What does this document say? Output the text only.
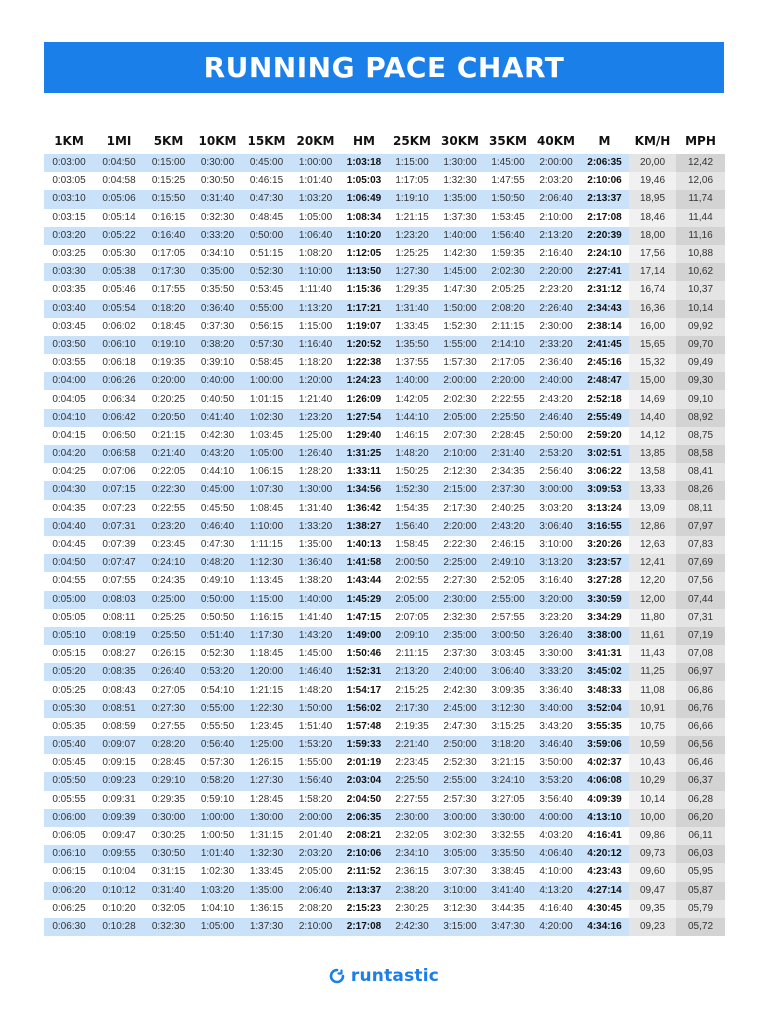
RUNNING PACE CHART
1KM	1MI	5KM	10KM	15KM	20KM	HM	25KM	30KM	35KM	40KM	M	KM/H	MPH
0:03:00	0:04:50	0:15:00	0:30:00	0:45:00	1:00:00	1:03:18	1:15:00	1:30:00	1:45:00	2:00:00	2:06:35	20,00	12,42
0:03:05	0:04:58	0:15:25	0:30:50	0:46:15	1:01:40	1:05:03	1:17:05	1:32:30	1:47:55	2:03:20	2:10:06	19,46	12,06
0:03:10	0:05:06	0:15:50	0:31:40	0:47:30	1:03:20	1:06:49	1:19:10	1:35:00	1:50:50	2:06:40	2:13:37	18,95	11,74
0:03:15	0:05:14	0:16:15	0:32:30	0:48:45	1:05:00	1:08:34	1:21:15	1:37:30	1:53:45	2:10:00	2:17:08	18,46	11,44
0:03:20	0:05:22	0:16:40	0:33:20	0:50:00	1:06:40	1:10:20	1:23:20	1:40:00	1:56:40	2:13:20	2:20:39	18,00	11,16
0:03:25	0:05:30	0:17:05	0:34:10	0:51:15	1:08:20	1:12:05	1:25:25	1:42:30	1:59:35	2:16:40	2:24:10	17,56	10,88
0:03:30	0:05:38	0:17:30	0:35:00	0:52:30	1:10:00	1:13:50	1:27:30	1:45:00	2:02:30	2:20:00	2:27:41	17,14	10,62
0:03:35	0:05:46	0:17:55	0:35:50	0:53:45	1:11:40	1:15:36	1:29:35	1:47:30	2:05:25	2:23:20	2:31:12	16,74	10,37
0:03:40	0:05:54	0:18:20	0:36:40	0:55:00	1:13:20	1:17:21	1:31:40	1:50:00	2:08:20	2:26:40	2:34:43	16,36	10,14
0:03:45	0:06:02	0:18:45	0:37:30	0:56:15	1:15:00	1:19:07	1:33:45	1:52:30	2:11:15	2:30:00	2:38:14	16,00	09,92
0:03:50	0:06:10	0:19:10	0:38:20	0:57:30	1:16:40	1:20:52	1:35:50	1:55:00	2:14:10	2:33:20	2:41:45	15,65	09,70
0:03:55	0:06:18	0:19:35	0:39:10	0:58:45	1:18:20	1:22:38	1:37:55	1:57:30	2:17:05	2:36:40	2:45:16	15,32	09,49
0:04:00	0:06:26	0:20:00	0:40:00	1:00:00	1:20:00	1:24:23	1:40:00	2:00:00	2:20:00	2:40:00	2:48:47	15,00	09,30
0:04:05	0:06:34	0:20:25	0:40:50	1:01:15	1:21:40	1:26:09	1:42:05	2:02:30	2:22:55	2:43:20	2:52:18	14,69	09,10
0:04:10	0:06:42	0:20:50	0:41:40	1:02:30	1:23:20	1:27:54	1:44:10	2:05:00	2:25:50	2:46:40	2:55:49	14,40	08,92
0:04:15	0:06:50	0:21:15	0:42:30	1:03:45	1:25:00	1:29:40	1:46:15	2:07:30	2:28:45	2:50:00	2:59:20	14,12	08,75
0:04:20	0:06:58	0:21:40	0:43:20	1:05:00	1:26:40	1:31:25	1:48:20	2:10:00	2:31:40	2:53:20	3:02:51	13,85	08,58
0:04:25	0:07:06	0:22:05	0:44:10	1:06:15	1:28:20	1:33:11	1:50:25	2:12:30	2:34:35	2:56:40	3:06:22	13,58	08,41
0:04:30	0:07:15	0:22:30	0:45:00	1:07:30	1:30:00	1:34:56	1:52:30	2:15:00	2:37:30	3:00:00	3:09:53	13,33	08,26
0:04:35	0:07:23	0:22:55	0:45:50	1:08:45	1:31:40	1:36:42	1:54:35	2:17:30	2:40:25	3:03:20	3:13:24	13,09	08,11
0:04:40	0:07:31	0:23:20	0:46:40	1:10:00	1:33:20	1:38:27	1:56:40	2:20:00	2:43:20	3:06:40	3:16:55	12,86	07,97
0:04:45	0:07:39	0:23:45	0:47:30	1:11:15	1:35:00	1:40:13	1:58:45	2:22:30	2:46:15	3:10:00	3:20:26	12,63	07,83
0:04:50	0:07:47	0:24:10	0:48:20	1:12:30	1:36:40	1:41:58	2:00:50	2:25:00	2:49:10	3:13:20	3:23:57	12,41	07,69
0:04:55	0:07:55	0:24:35	0:49:10	1:13:45	1:38:20	1:43:44	2:02:55	2:27:30	2:52:05	3:16:40	3:27:28	12,20	07,56
0:05:00	0:08:03	0:25:00	0:50:00	1:15:00	1:40:00	1:45:29	2:05:00	2:30:00	2:55:00	3:20:00	3:30:59	12,00	07,44
0:05:05	0:08:11	0:25:25	0:50:50	1:16:15	1:41:40	1:47:15	2:07:05	2:32:30	2:57:55	3:23:20	3:34:29	11,80	07,31
0:05:10	0:08:19	0:25:50	0:51:40	1:17:30	1:43:20	1:49:00	2:09:10	2:35:00	3:00:50	3:26:40	3:38:00	11,61	07,19
0:05:15	0:08:27	0:26:15	0:52:30	1:18:45	1:45:00	1:50:46	2:11:15	2:37:30	3:03:45	3:30:00	3:41:31	11,43	07,08
0:05:20	0:08:35	0:26:40	0:53:20	1:20:00	1:46:40	1:52:31	2:13:20	2:40:00	3:06:40	3:33:20	3:45:02	11,25	06,97
0:05:25	0:08:43	0:27:05	0:54:10	1:21:15	1:48:20	1:54:17	2:15:25	2:42:30	3:09:35	3:36:40	3:48:33	11,08	06,86
0:05:30	0:08:51	0:27:30	0:55:00	1:22:30	1:50:00	1:56:02	2:17:30	2:45:00	3:12:30	3:40:00	3:52:04	10,91	06,76
0:05:35	0:08:59	0:27:55	0:55:50	1:23:45	1:51:40	1:57:48	2:19:35	2:47:30	3:15:25	3:43:20	3:55:35	10,75	06,66
0:05:40	0:09:07	0:28:20	0:56:40	1:25:00	1:53:20	1:59:33	2:21:40	2:50:00	3:18:20	3:46:40	3:59:06	10,59	06,56
0:05:45	0:09:15	0:28:45	0:57:30	1:26:15	1:55:00	2:01:19	2:23:45	2:52:30	3:21:15	3:50:00	4:02:37	10,43	06,46
0:05:50	0:09:23	0:29:10	0:58:20	1:27:30	1:56:40	2:03:04	2:25:50	2:55:00	3:24:10	3:53:20	4:06:08	10,29	06,37
0:05:55	0:09:31	0:29:35	0:59:10	1:28:45	1:58:20	2:04:50	2:27:55	2:57:30	3:27:05	3:56:40	4:09:39	10,14	06,28
0:06:00	0:09:39	0:30:00	1:00:00	1:30:00	2:00:00	2:06:35	2:30:00	3:00:00	3:30:00	4:00:00	4:13:10	10,00	06,20
0:06:05	0:09:47	0:30:25	1:00:50	1:31:15	2:01:40	2:08:21	2:32:05	3:02:30	3:32:55	4:03:20	4:16:41	09,86	06,11
0:06:10	0:09:55	0:30:50	1:01:40	1:32:30	2:03:20	2:10:06	2:34:10	3:05:00	3:35:50	4:06:40	4:20:12	09,73	06,03
0:06:15	0:10:04	0:31:15	1:02:30	1:33:45	2:05:00	2:11:52	2:36:15	3:07:30	3:38:45	4:10:00	4:23:43	09,60	05,95
0:06:20	0:10:12	0:31:40	1:03:20	1:35:00	2:06:40	2:13:37	2:38:20	3:10:00	3:41:40	4:13:20	4:27:14	09,47	05,87
0:06:25	0:10:20	0:32:05	1:04:10	1:36:15	2:08:20	2:15:23	2:30:25	3:12:30	3:44:35	4:16:40	4:30:45	09,35	05,79
0:06:30	0:10:28	0:32:30	1:05:00	1:37:30	2:10:00	2:17:08	2:42:30	3:15:00	3:47:30	4:20:00	4:34:16	09,23	05,72
runtastic
